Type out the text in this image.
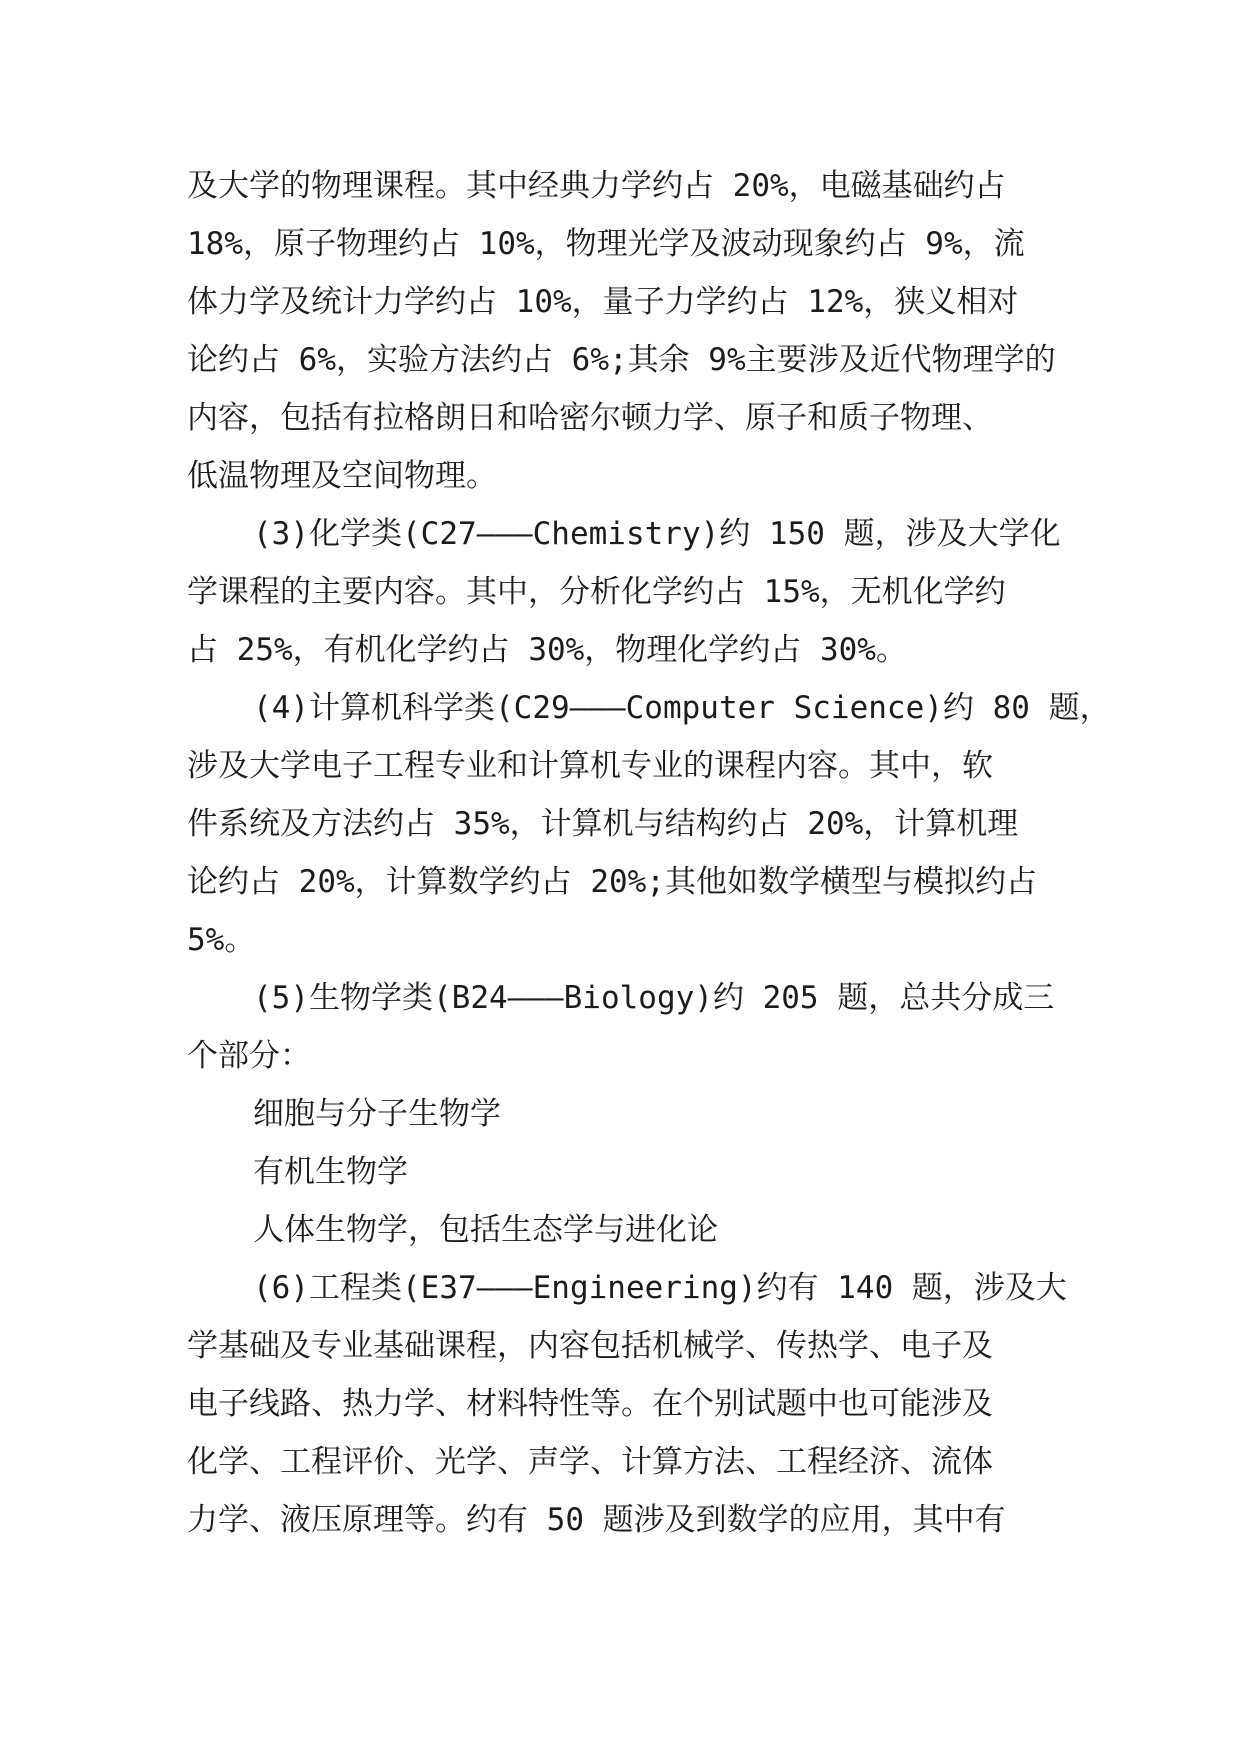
及大学的物理课程。其中经典力学约占 20%，电磁基础约占

18%，原子物理约占 10%，物理光学及波动现象约占 9%，流

体力学及统计力学约占 10%，量子力学约占 12%，狭义相对

论约占 6%，实验方法约占 6%;其余 9%主要涉及近代物理学的

内容，包括有拉格朗日和哈密尔顿力学、原子和质子物理、

低温物理及空间物理。

(3)化学类(C27———Chemistry)约 150 题，涉及大学化

学课程的主要内容。其中，分析化学约占 15%，无机化学约

占 25%，有机化学约占 30%，物理化学约占 30%。

(4)计算机科学类(C29———Computer Science)约 80 题，

涉及大学电子工程专业和计算机专业的课程内容。其中，软

件系统及方法约占 35%，计算机与结构约占 20%，计算机理

论约占 20%，计算数学约占 20%;其他如数学横型与模拟约占

5%。

(5)生物学类(B24———Biology)约 205 题，总共分成三

个部分：

细胞与分子生物学

有机生物学

人体生物学，包括生态学与进化论

(6)工程类(E37———Engineering)约有 140 题，涉及大

学基础及专业基础课程，内容包括机械学、传热学、电子及

电子线路、热力学、材料特性等。在个别试题中也可能涉及

化学、工程评价、光学、声学、计算方法、工程经济、流体

力学、液压原理等。约有 50 题涉及到数学的应用，其中有
